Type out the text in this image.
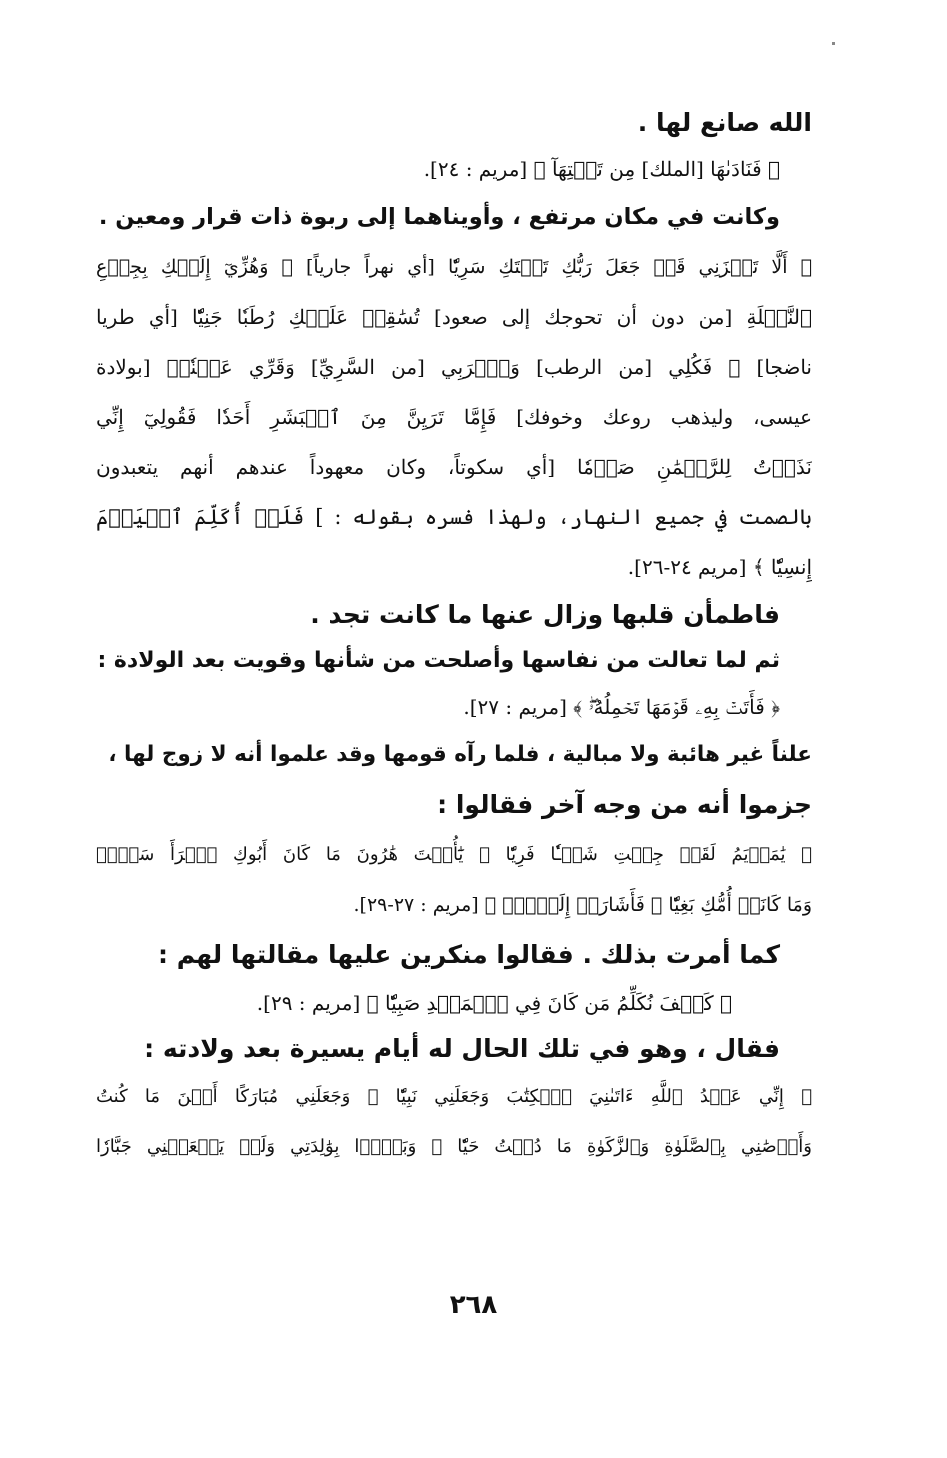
الله صانع لها .
﴿ فَنَادَىٰهَا [الملك] مِن تَحۡتِهَآ ﴾ [مريم : ٢٤].
وكانت في مكان مرتفع ، وأويناهما إلى ربوة ذات قرار ومعين .
﴿ أَلَّا تَحۡزَنِي قَدۡ جَعَلَ رَبُّكِ تَحۡتَكِ سَرِيّٗا [أي نهراً جارياً] ۞ وَهُزِّيٓ إِلَيۡكِ بِجِذۡعِ
ٱلنَّخۡلَةِ [من دون أن تحوجك إلى صعود] تُسَٰقِطۡ عَلَيۡكِ رُطَبٗا جَنِيّٗا [أي طريا
ناضجا] ۞ فَكُلِي [من الرطب] وَٱشۡرَبِي [من السَّرِيِّ] وَقَرِّي عَيۡنٗاۖ [بولادة
عيسى، وليذهب روعك وخوفك] فَإِمَّا تَرَيِنَّ مِنَ ٱلۡبَشَرِ أَحَدٗا فَقُولِيٓ إِنِّي
نَذَرۡتُ لِلرَّحۡمَٰنِ صَوۡمٗا [أي سكوتاً، وكان معهوداً عندهم أنهم يتعبدون
بالصمت في جميع النهار، ولهذا فسره بقوله : ] فَلَنۡ أُكَلِّمَ ٱلۡيَوۡمَ
إِنسِيّٗا ﴾ [مريم ٢٤-٢٦].
فاطمأن قلبها وزال عنها ما كانت تجد .
ثم لما تعالت من نفاسها وأصلحت من شأنها وقويت بعد الولادة :
﴿ فَأَتَتۡ بِهِۦ قَوۡمَهَا تَحۡمِلُهُۥۖ ﴾ [مريم : ٢٧].
علناً غير هائبة ولا مبالية ، فلما رآه قومها وقد علموا أنه لا زوج لها ،
جزموا أنه من وجه آخر فقالوا :
﴿ يَٰمَرۡيَمُ لَقَدۡ جِئۡتِ شَيۡـٔٗا فَرِيّٗا ۞ يَٰٓأُخۡتَ هَٰرُونَ مَا كَانَ أَبُوكِ ٱمۡرَأَ سَوۡءٖ
وَمَا كَانَتۡ أُمُّكِ بَغِيّٗا ۞ فَأَشَارَتۡ إِلَيۡهِۖ ﴾ [مريم : ٢٧-٢٩].
كما أمرت بذلك . فقالوا منكرين عليها مقالتها لهم :
﴿ كَيۡفَ نُكَلِّمُ مَن كَانَ فِي ٱلۡمَهۡدِ صَبِيّٗا ﴾ [مريم : ٢٩].
فقال ، وهو في تلك الحال له أيام يسيرة بعد ولادته :
﴿ إِنِّي عَبۡدُ ٱللَّهِ ءَاتَىٰنِيَ ٱلۡكِتَٰبَ وَجَعَلَنِي نَبِيّٗا ۞ وَجَعَلَنِي مُبَارَكًا أَيۡنَ مَا كُنتُ
وَأَوۡصَٰنِي بِٱلصَّلَوٰةِ وَٱلزَّكَوٰةِ مَا دُمۡتُ حَيّٗا ۞ وَبَرَّۢا بِوَٰلِدَتِي وَلَمۡ يَجۡعَلۡنِي جَبَّارٗا
٢٦٨
